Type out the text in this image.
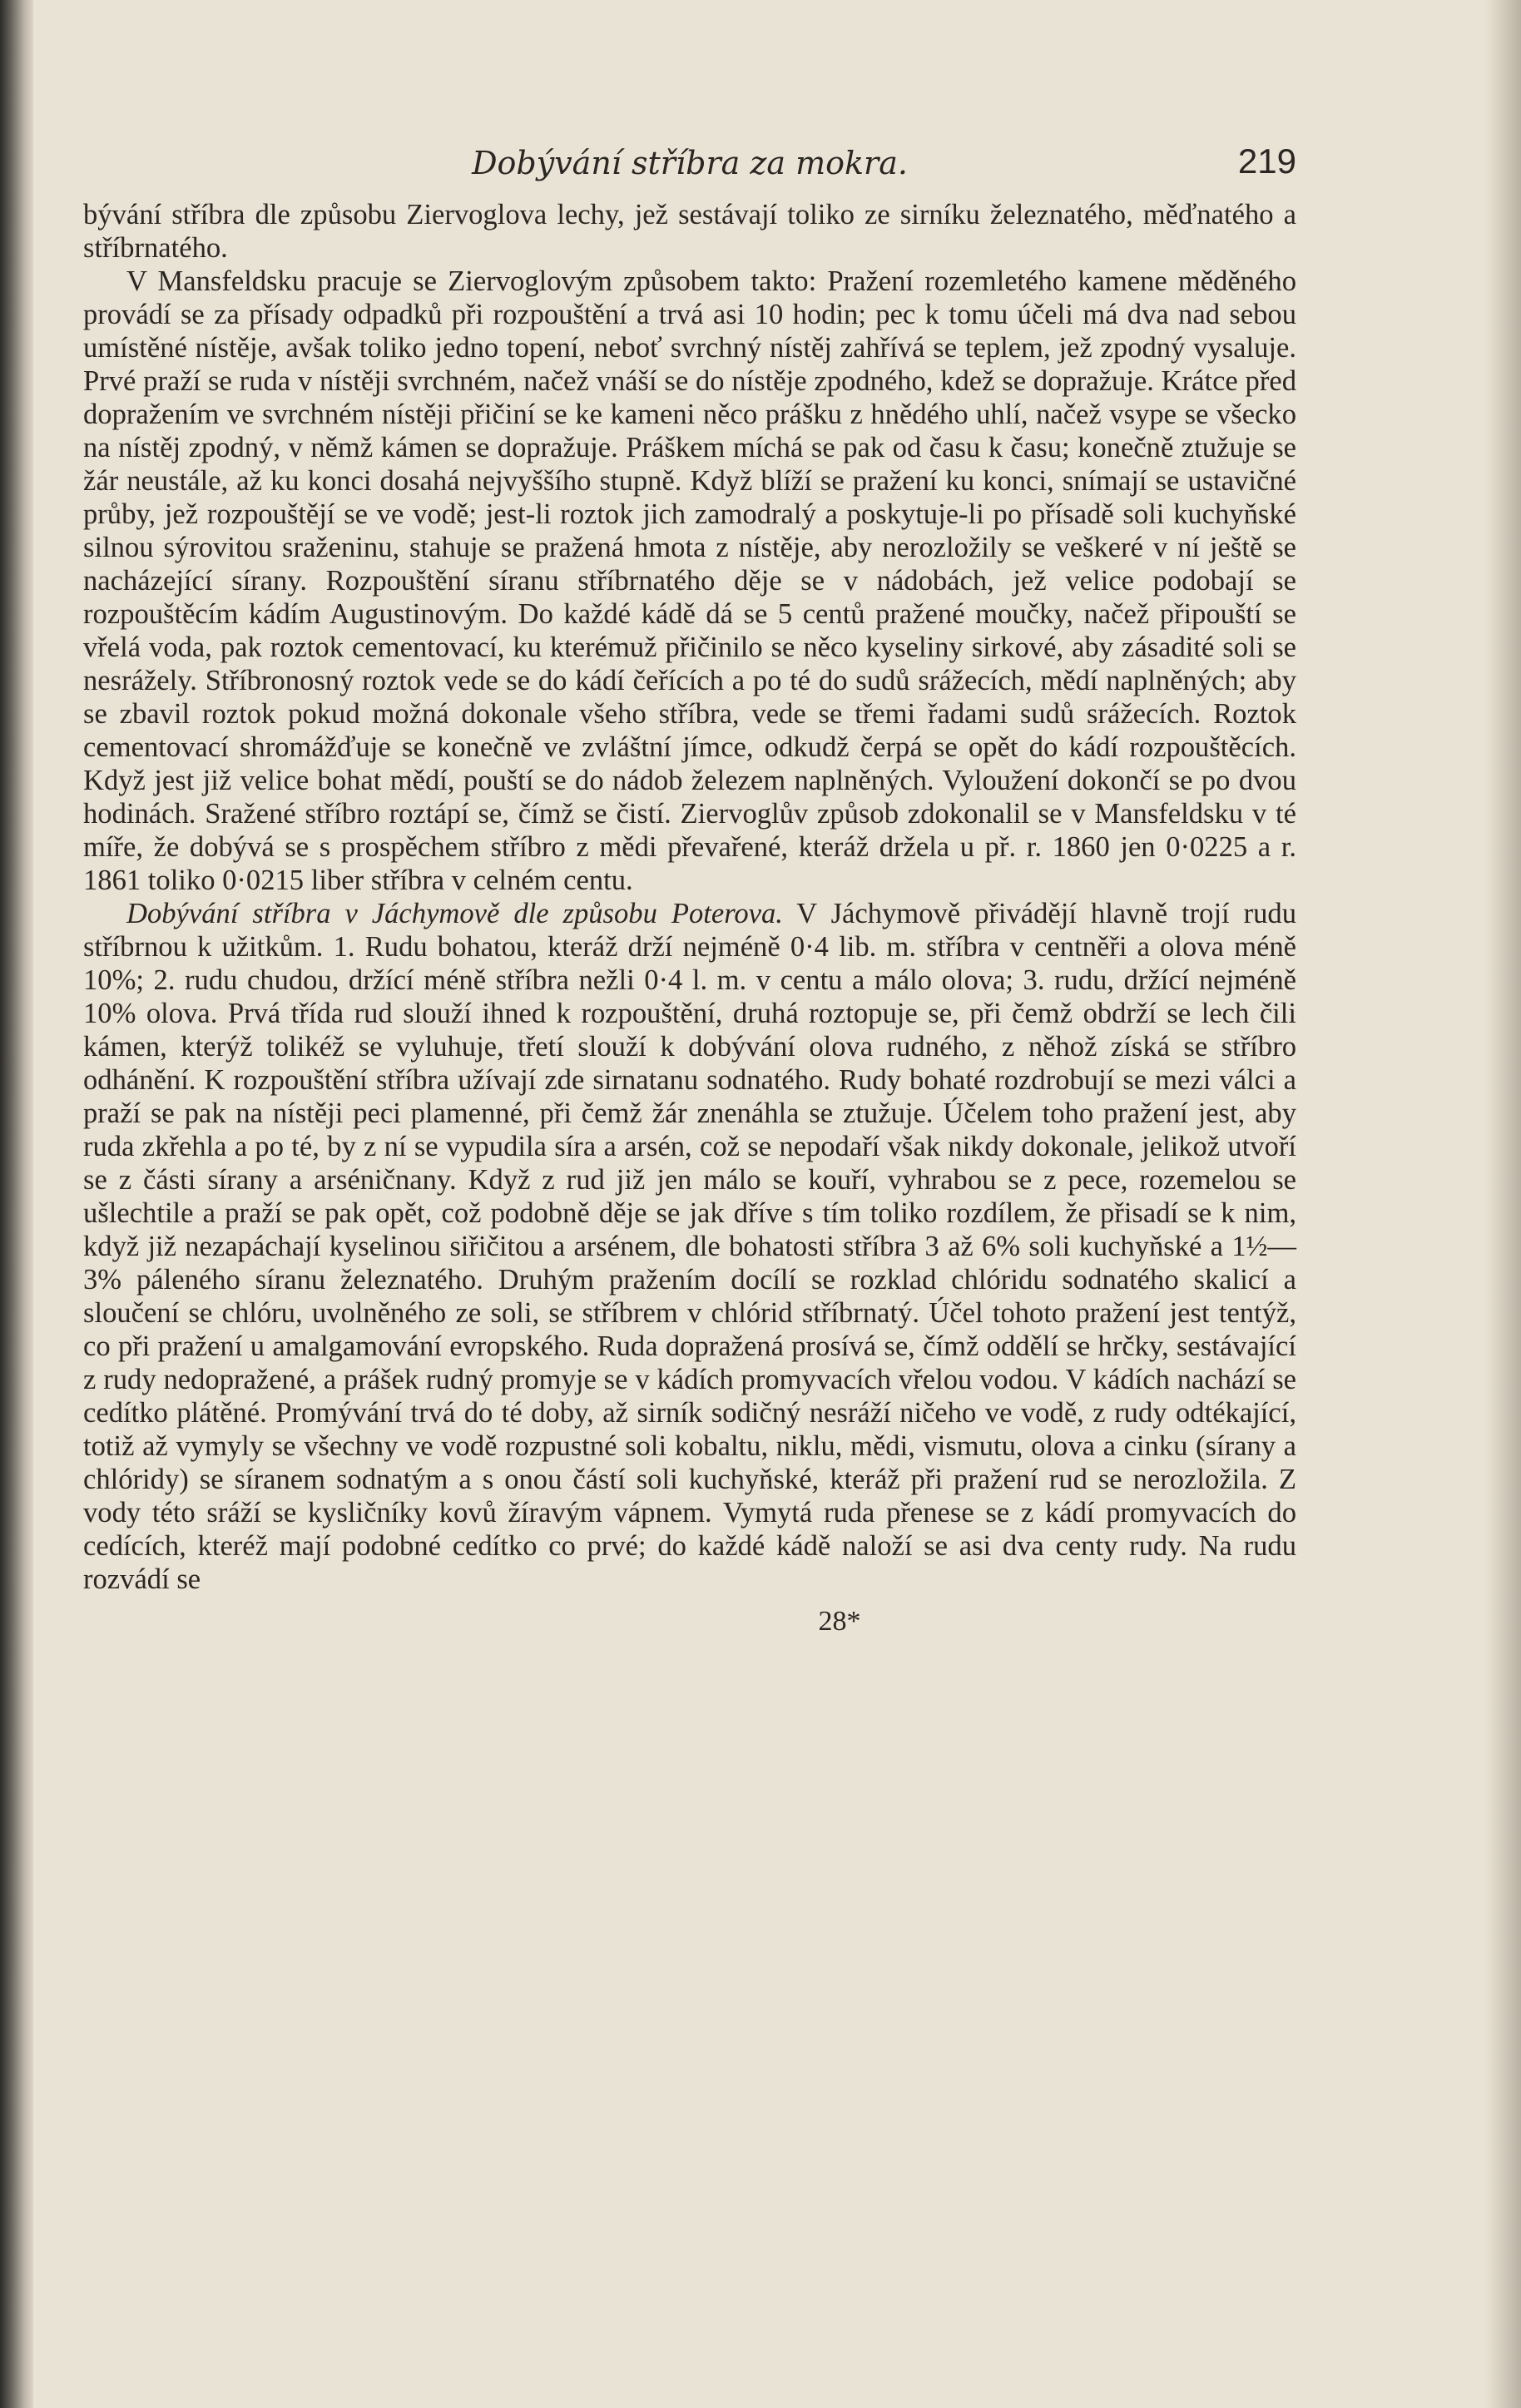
Dobývání stříbra za mokra.	219

bývání stříbra dle způsobu Ziervoglova lechy, jež sestávají toliko ze sirníku železnatého, měďnatého a stříbrnatého.

V Mansfeldsku pracuje se Ziervoglovým způsobem takto: Pražení rozemletého kamene měděného provádí se za přísady odpadků při rozpouštění a trvá asi 10 hodin; pec k tomu účeli má dva nad sebou umístěné nístěje, avšak toliko jedno topení, neboť svrchný nístěj zahřívá se teplem, jež zpodný vysaluje. Prvé praží se ruda v nístěji svrchném, načež vnáší se do nístěje zpodného, kdež se dopražuje. Krátce před dopražením ve svrchném nístěji přičiní se ke kameni něco prášku z hnědého uhlí, načež vsype se všecko na nístěj zpodný, v němž kámen se dopražuje. Práškem míchá se pak od času k času; konečně ztužuje se žár neustále, až ku konci dosahá nejvyššího stupně. Když blíží se pražení ku konci, snímají se ustavičné průby, jež rozpouštějí se ve vodě; jest-li roztok jich zamodralý a poskytuje-li po přísadě soli kuchyňské silnou sýrovitou sraženinu, stahuje se pražená hmota z nístěje, aby nerozložily se veškeré v ní ještě se nacházející sírany. Rozpouštění síranu stříbrnatého děje se v nádobách, jež velice podobají se rozpouštěcím kádím Augustinovým. Do každé kádě dá se 5 centů pražené moučky, načež připouští se vřelá voda, pak roztok cementovací, ku kterémuž přičinilo se něco kyseliny sirkové, aby zásadité soli se nesrážely. Stříbronosný roztok vede se do kádí čeřících a po té do sudů srážecích, mědí naplněných; aby se zbavil roztok pokud možná dokonale všeho stříbra, vede se třemi řadami sudů srážecích. Roztok cementovací shromážďuje se konečně ve zvláštní jímce, odkudž čerpá se opět do kádí rozpouštěcích. Když jest již velice bohat mědí, pouští se do nádob železem naplněných. Vyloužení dokončí se po dvou hodinách. Sražené stříbro roztápí se, čímž se čistí. Ziervoglův způsob zdokonalil se v Mansfeldsku v té míře, že dobývá se s prospěchem stříbro z mědi převařené, kteráž držela u př. r. 1860 jen 0·0225 a r. 1861 toliko 0·0215 liber stříbra v celném centu.

Dobývání stříbra v Jáchymově dle způsobu Poterova. V Jáchymově přivádějí hlavně trojí rudu stříbrnou k užitkům. 1. Rudu bohatou, kteráž drží nejméně 0·4 lib. m. stříbra v centněři a olova méně 10%; 2. rudu chudou, držící méně stříbra nežli 0·4 l. m. v centu a málo olova; 3. rudu, držící nejméně 10% olova. Prvá třída rud slouží ihned k rozpouštění, druhá roztopuje se, při čemž obdrží se lech čili kámen, kterýž tolikéž se vyluhuje, třetí slouží k dobývání olova rudného, z něhož získá se stříbro odhánění. K rozpouštění stříbra užívají zde sirnatanu sodnatého. Rudy bohaté rozdrobují se mezi válci a praží se pak na nístěji peci plamenné, při čemž žár znenáhla se ztužuje. Účelem toho pražení jest, aby ruda zkřehla a po té, by z ní se vypudila síra a arsén, což se nepodaří však nikdy dokonale, jelikož utvoří se z části sírany a arséničnany. Když z rud již jen málo se kouří, vyhrabou se z pece, rozemelou se ušlechtile a praží se pak opět, což podobně děje se jak dříve s tím toliko rozdílem, že přisadí se k nim, když již nezapáchají kyselinou siřičitou a arsénem, dle bohatosti stříbra 3 až 6% soli kuchyňské a 1½—3% páleného síranu železnatého. Druhým pražením docílí se rozklad chlóridu sodnatého skalicí a sloučení se chlóru, uvolněného ze soli, se stříbrem v chlórid stříbrnatý. Účel tohoto pražení jest tentýž, co při pražení u amalgamování evropského. Ruda dopražená prosívá se, čímž oddělí se hrčky, sestávající z rudy nedopražené, a prášek rudný promyje se v kádích promyvacích vřelou vodou. V kádích nachází se cedítko plátěné. Promývání trvá do té doby, až sirník sodičný nesráží ničeho ve vodě, z rudy odtékající, totiž až vymyly se všechny ve vodě rozpustné soli kobaltu, niklu, mědi, vismutu, olova a cinku (sírany a chlóridy) se síranem sodnatým a s onou částí soli kuchyňské, kteráž při pražení rud se nerozložila. Z vody této sráží se kysličníky kovů žíravým vápnem. Vymytá ruda přenese se z kádí promyvacích do cedících, kteréž mají podobné cedítko co prvé; do každé kádě naloží se asi dva centy rudy. Na rudu rozvádí se

28*
